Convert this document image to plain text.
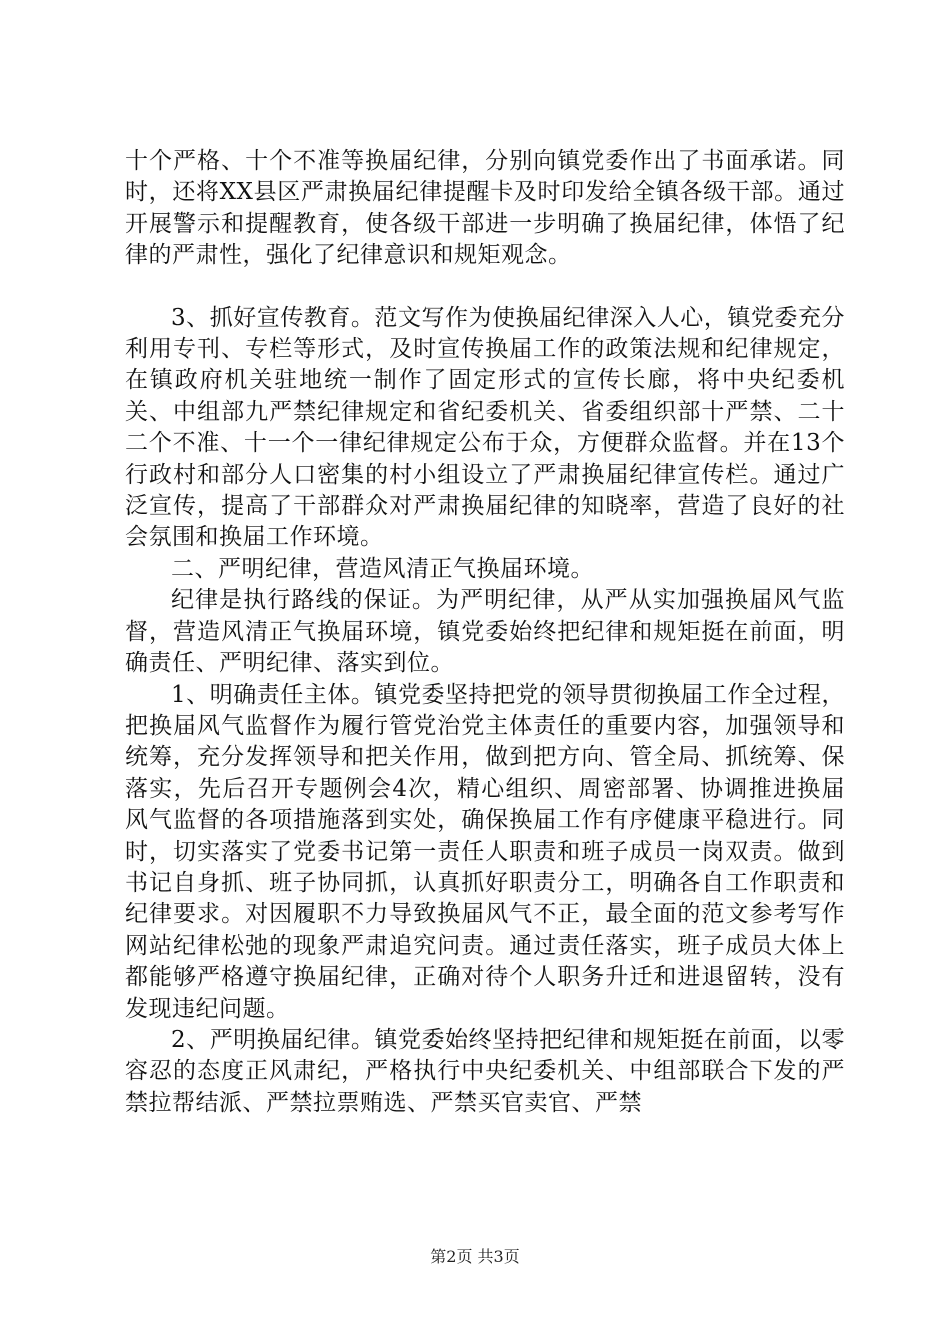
十个严格、十个不准等换届纪律，分别向镇党委作出了书面承诺。同时，还将XX县区严肃换届纪律提醒卡及时印发给全镇各级干部。通过开展警示和提醒教育，使各级干部进一步明确了换届纪律，体悟了纪律的严肃性，强化了纪律意识和规矩观念。

3、抓好宣传教育。范文写作为使换届纪律深入人心，镇党委充分利用专刊、专栏等形式，及时宣传换届工作的政策法规和纪律规定，在镇政府机关驻地统一制作了固定形式的宣传长廊，将中央纪委机关、中组部九严禁纪律规定和省纪委机关、省委组织部十严禁、二十二个不准、十一个一律纪律规定公布于众，方便群众监督。并在13个行政村和部分人口密集的村小组设立了严肃换届纪律宣传栏。通过广泛宣传，提高了干部群众对严肃换届纪律的知晓率，营造了良好的社会氛围和换届工作环境。

二、严明纪律，营造风清正气换届环境。

纪律是执行路线的保证。为严明纪律，从严从实加强换届风气监督，营造风清正气换届环境，镇党委始终把纪律和规矩挺在前面，明确责任、严明纪律、落实到位。

1、明确责任主体。镇党委坚持把党的领导贯彻换届工作全过程，把换届风气监督作为履行管党治党主体责任的重要内容，加强领导和统筹，充分发挥领导和把关作用，做到把方向、管全局、抓统筹、保落实，先后召开专题例会4次，精心组织、周密部署、协调推进换届风气监督的各项措施落到实处，确保换届工作有序健康平稳进行。同时，切实落实了党委书记第一责任人职责和班子成员一岗双责。做到书记自身抓、班子协同抓，认真抓好职责分工，明确各自工作职责和纪律要求。对因履职不力导致换届风气不正，最全面的范文参考写作网站纪律松弛的现象严肃追究问责。通过责任落实，班子成员大体上都能够严格遵守换届纪律，正确对待个人职务升迁和进退留转，没有发现违纪问题。

2、严明换届纪律。镇党委始终坚持把纪律和规矩挺在前面，以零容忍的态度正风肃纪，严格执行中央纪委机关、中组部联合下发的严禁拉帮结派、严禁拉票贿选、严禁买官卖官、严禁

第2页 共3页
